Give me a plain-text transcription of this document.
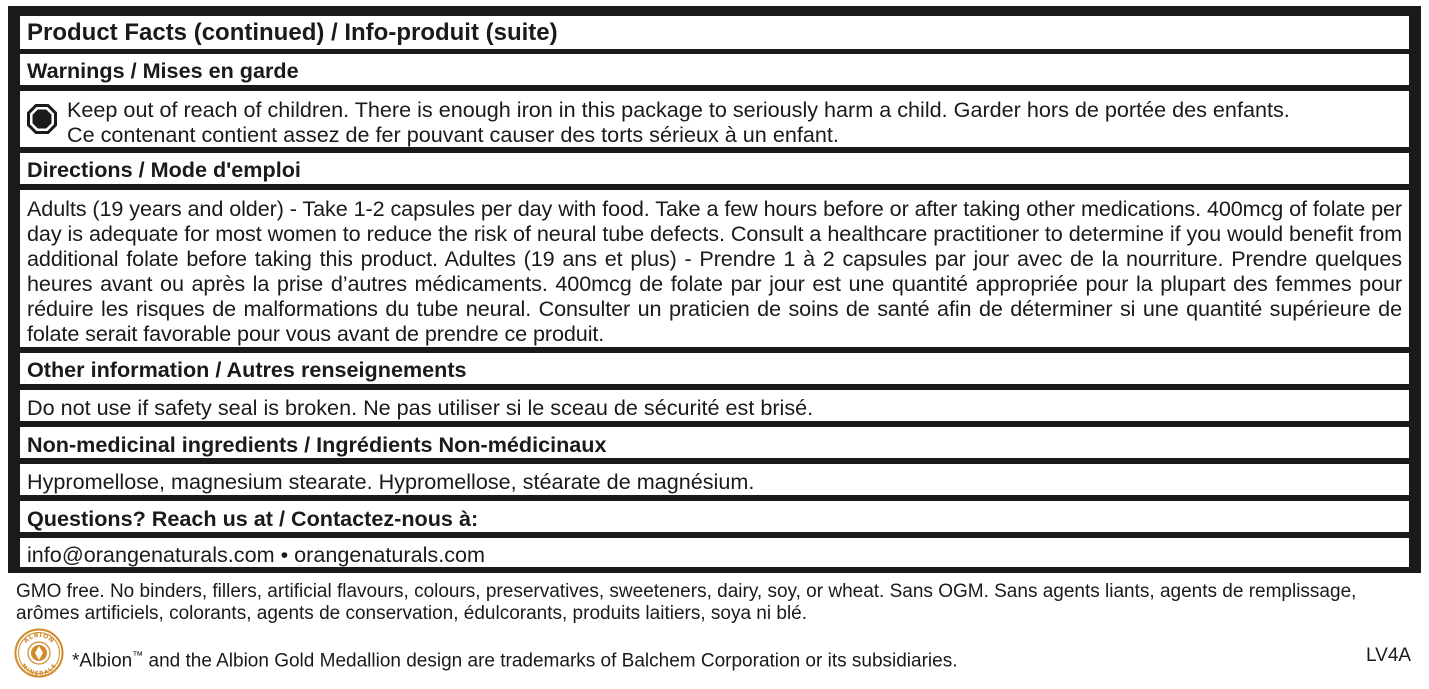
Product Facts (continued) / Info-produit (suite)
Warnings / Mises en garde
Keep out of reach of children. There is enough iron in this package to seriously harm a child. Garder hors de portée des enfants.
Ce contenant contient assez de fer pouvant causer des torts sérieux à un enfant.
Directions / Mode d'emploi
Adults (19 years and older) - Take 1-2 capsules per day with food. Take a few hours before or after taking other medications. 400mcg of folate per day is adequate for most women to reduce the risk of neural tube defects. Consult a healthcare practitioner to determine if you would benefit from additional folate before taking this product. Adultes (19 ans et plus) - Prendre 1 à 2 capsules par jour avec de la nourriture. Prendre quelques heures avant ou après la prise d’autres médicaments. 400mcg de folate par jour est une quantité appropriée pour la plupart des femmes pour réduire les risques de malformations du tube neural. Consulter un praticien de soins de santé afin de déterminer si une quantité supérieure de folate serait favorable pour vous avant de prendre ce produit.
Other information / Autres renseignements
Do not use if safety seal is broken. Ne pas utiliser si le sceau de sécurité est brisé.
Non-medicinal ingredients / Ingrédients Non-médicinaux
Hypromellose, magnesium stearate. Hypromellose, stéarate de magnésium.
Questions? Reach us at / Contactez-nous à:
info@orangenaturals.com • orangenaturals.com
GMO free. No binders, fillers, artificial flavours, colours, preservatives, sweeteners, dairy, soy, or wheat. Sans OGM. Sans agents liants, agents de remplissage,
arômes artificiels, colorants, agents de conservation, édulcorants, produits laitiers, soya ni blé.
ALBION
MINERALS *Albion™ and the Albion Gold Medallion design are trademarks of Balchem Corporation or its subsidiaries.	LV4A
